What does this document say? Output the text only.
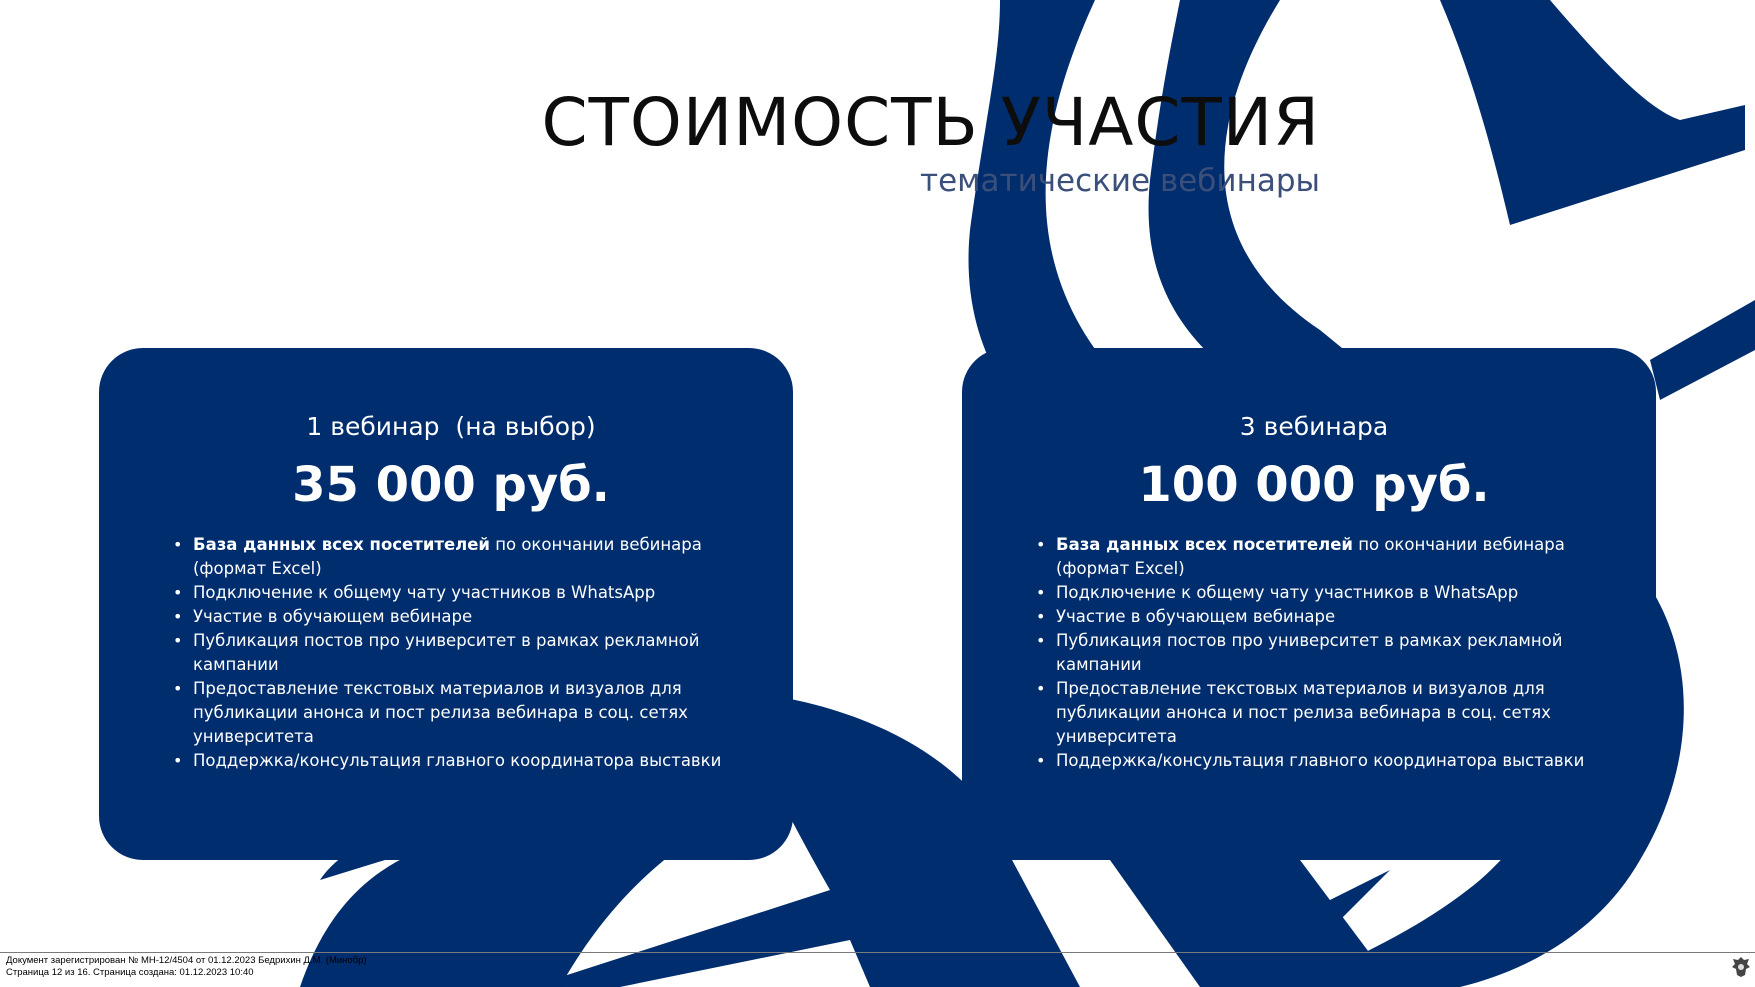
СТОИМОСТЬ УЧАСТИЯ
тематические вебинары
1 вебинар  (на выбор)
35 000 руб.
• База данных всех посетителей по окончании вебинара (формат Excel)
• Подключение к общему чату участников в WhatsApp
• Участие в обучающем вебинаре
• Публикация постов про университет в рамках рекламной кампании
• Предоставление текстовых материалов и визуалов для публикации анонса и пост релиза вебинара в соц. сетях университета
• Поддержка/консультация главного координатора выставки
3 вебинара
100 000 руб.
• База данных всех посетителей по окончании вебинара (формат Excel)
• Подключение к общему чату участников в WhatsApp
• Участие в обучающем вебинаре
• Публикация постов про университет в рамках рекламной кампании
• Предоставление текстовых материалов и визуалов для публикации анонса и пост релиза вебинара в соц. сетях университета
• Поддержка/консультация главного координатора выставки
Документ зарегистрирован № МН-12/4504 от 01.12.2023 Бедрихин Д.М. (Минобр)
Страница 12 из 16. Страница создана: 01.12.2023 10:40
